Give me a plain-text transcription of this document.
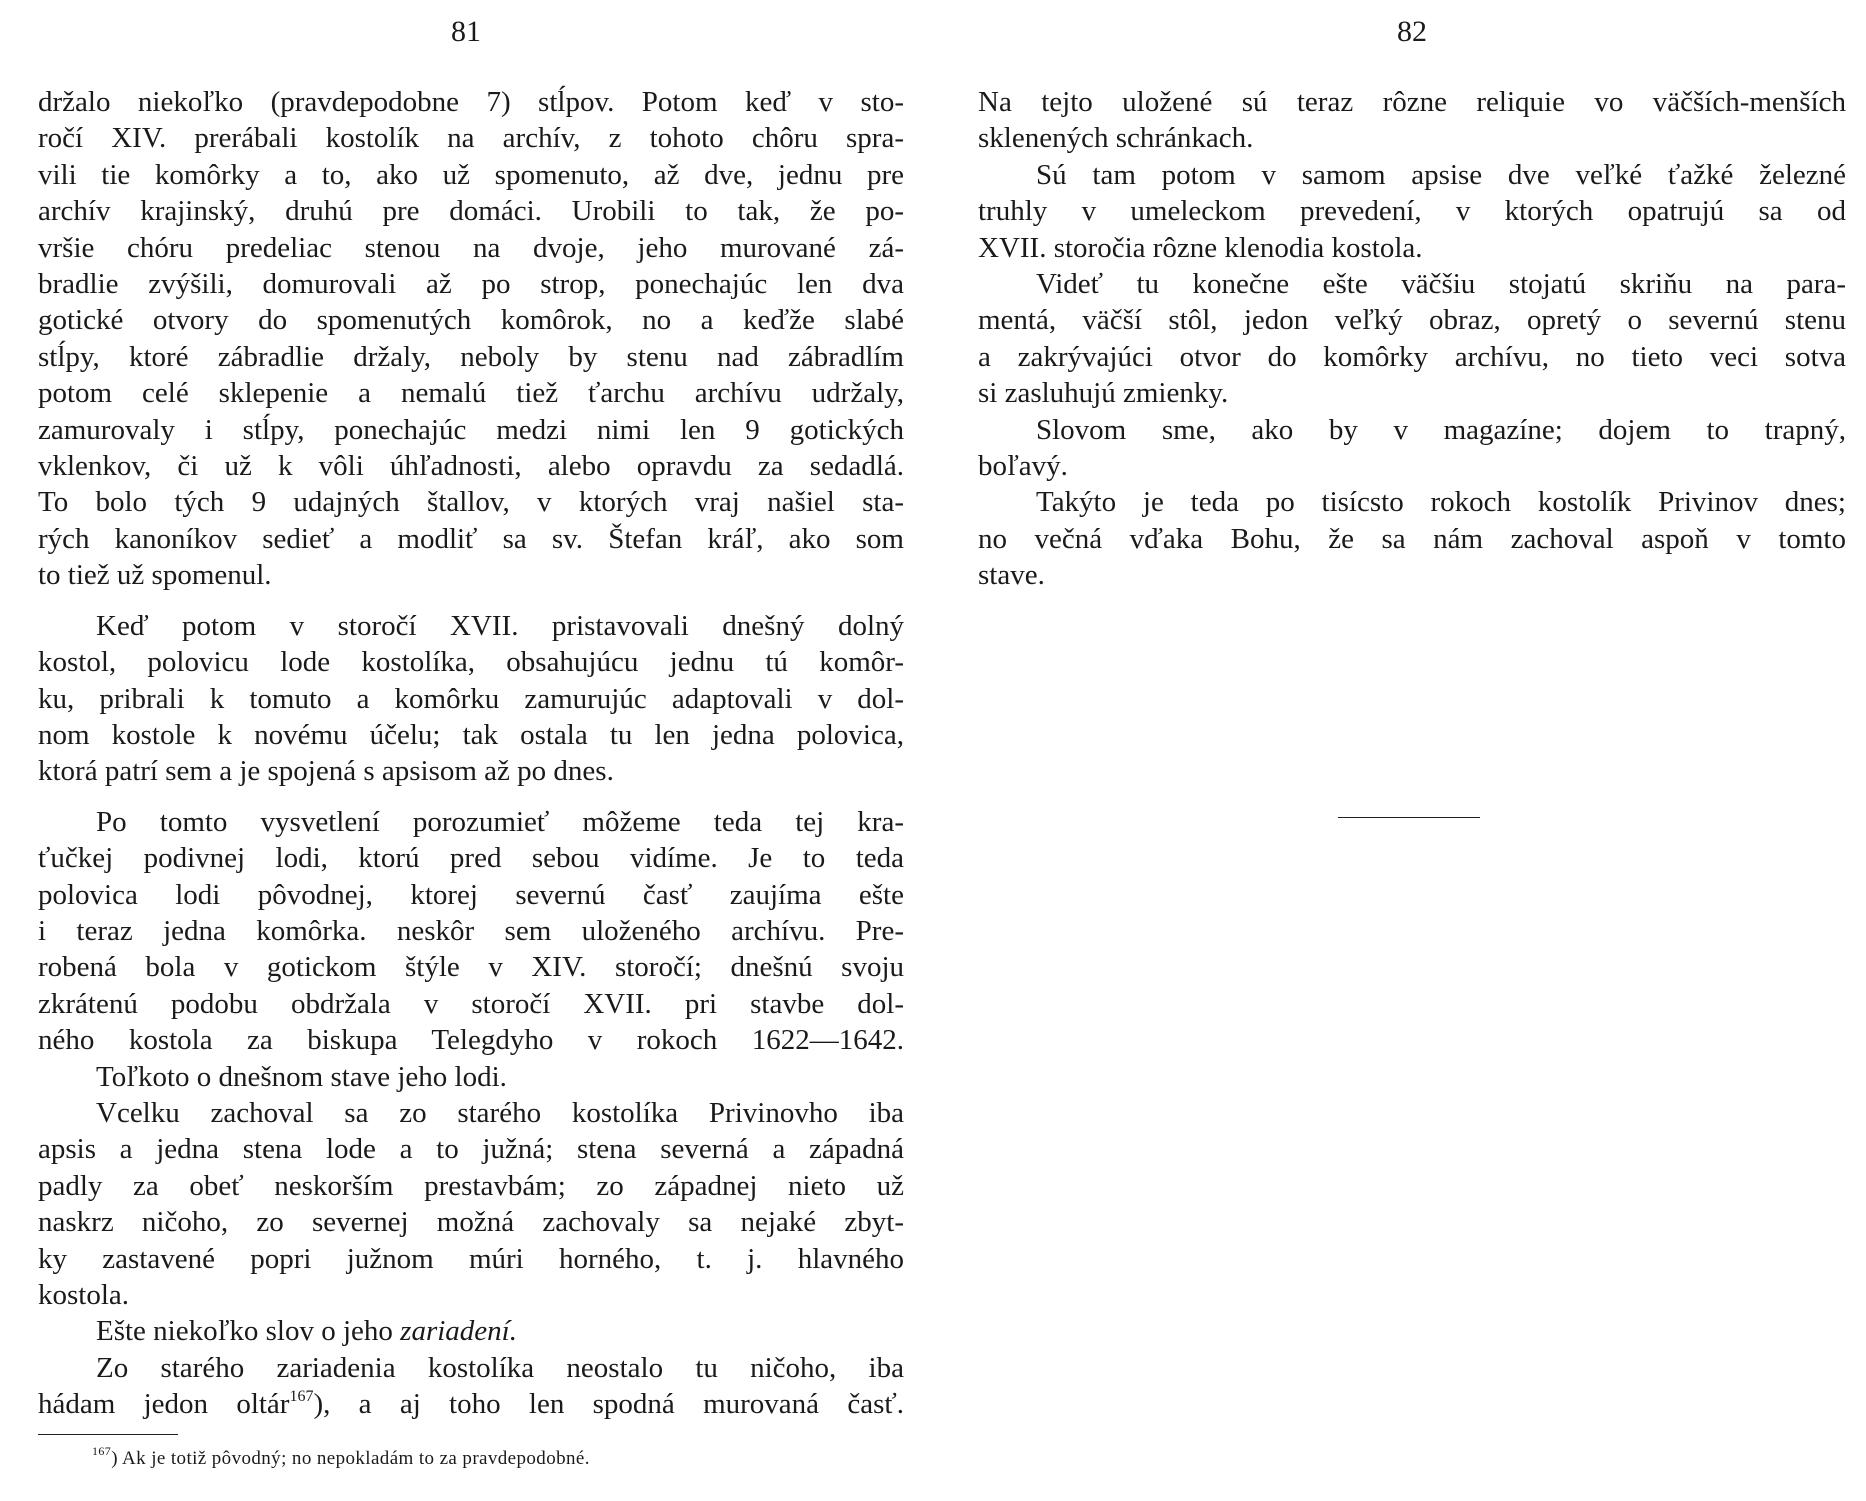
81	82

držalo niekoľko (pravdepodobne 7) stĺpov. Potom keď v sto-
ročí XIV. prerábali kostolík na archív, z tohoto chôru spra-
vili tie komôrky a to, ako už spomenuto, až dve, jednu pre
archív krajinský, druhú pre domáci. Urobili to tak, že po-
vršie chóru predeliac stenou na dvoje, jeho murované zá-
bradlie zvýšili, domurovali až po strop, ponechajúc len dva
gotické otvory do spomenutých komôrok, no a keďže slabé
stĺpy, ktoré zábradlie držaly, neboly by stenu nad zábradlím
potom celé sklepenie a nemalú tiež ťarchu archívu udržaly,
zamurovaly i stĺpy, ponechajúc medzi nimi len 9 gotických
vklenkov, či už k vôli úhľadnosti, alebo opravdu za sedadlá.
To bolo tých 9 udajných štallov, v ktorých vraj našiel sta-
rých kanoníkov sedieť a modliť sa sv. Štefan kráľ, ako som
to tiež už spomenul.

Keď potom v storočí XVII. pristavovali dnešný dolný
kostol, polovicu lode kostolíka, obsahujúcu jednu tú komôr-
ku, pribrali k tomuto a komôrku zamurujúc adaptovali v dol-
nom kostole k novému účelu; tak ostala tu len jedna polovica,
ktorá patrí sem a je spojená s apsisom až po dnes.

Po tomto vysvetlení porozumieť môžeme teda tej kra-
ťučkej podivnej lodi, ktorú pred sebou vidíme. Je to teda
polovica lodi pôvodnej, ktorej severnú časť zaujíma ešte
i teraz jedna komôrka. neskôr sem uloženého archívu. Pre-
robená bola v gotickom štýle v XIV. storočí; dnešnú svoju
zkrátenú podobu obdržala v storočí XVII. pri stavbe dol-
ného kostola za biskupa Telegdyho v rokoch 1622—1642.

Toľkoto o dnešnom stave jeho lodi.

Vcelku zachoval sa zo starého kostolíka Privinovho iba
apsis a jedna stena lode a to južná; stena severná a západná
padly za obeť neskorším prestavbám; zo západnej nieto už
naskrz ničoho, zo severnej možná zachovaly sa nejaké zbyt-
ky zastavené popri južnom múri horného, t. j. hlavného
kostola.

Ešte niekoľko slov o jeho zariadení.

Zo starého zariadenia kostolíka neostalo tu ničoho, iba
hádam jedon oltár$^{167}$), a aj toho len spodná murovaná časť.

$^{167}$) Ak je totiž pôvodný; no nepokladám to za pravdepodobné.

Na tejto uložené sú teraz rôzne reliquie vo väčších-menších
sklenených schránkach.

Sú tam potom v samom apsise dve veľké ťažké železné
truhly v umeleckom prevedení, v ktorých opatrujú sa od
XVII. storočia rôzne klenodia kostola.

Videť tu konečne ešte väčšiu stojatú skriňu na para-
mentá, väčší stôl, jedon veľký obraz, opretý o severnú stenu
a zakrývajúci otvor do komôrky archívu, no tieto veci sotva
si zasluhujú zmienky.

Slovom sme, ako by v magazíne; dojem to trapný,
boľavý.

Takýto je teda po tisícsto rokoch kostolík Privinov dnes;
no večná vďaka Bohu, že sa nám zachoval aspoň v tomto
stave.
